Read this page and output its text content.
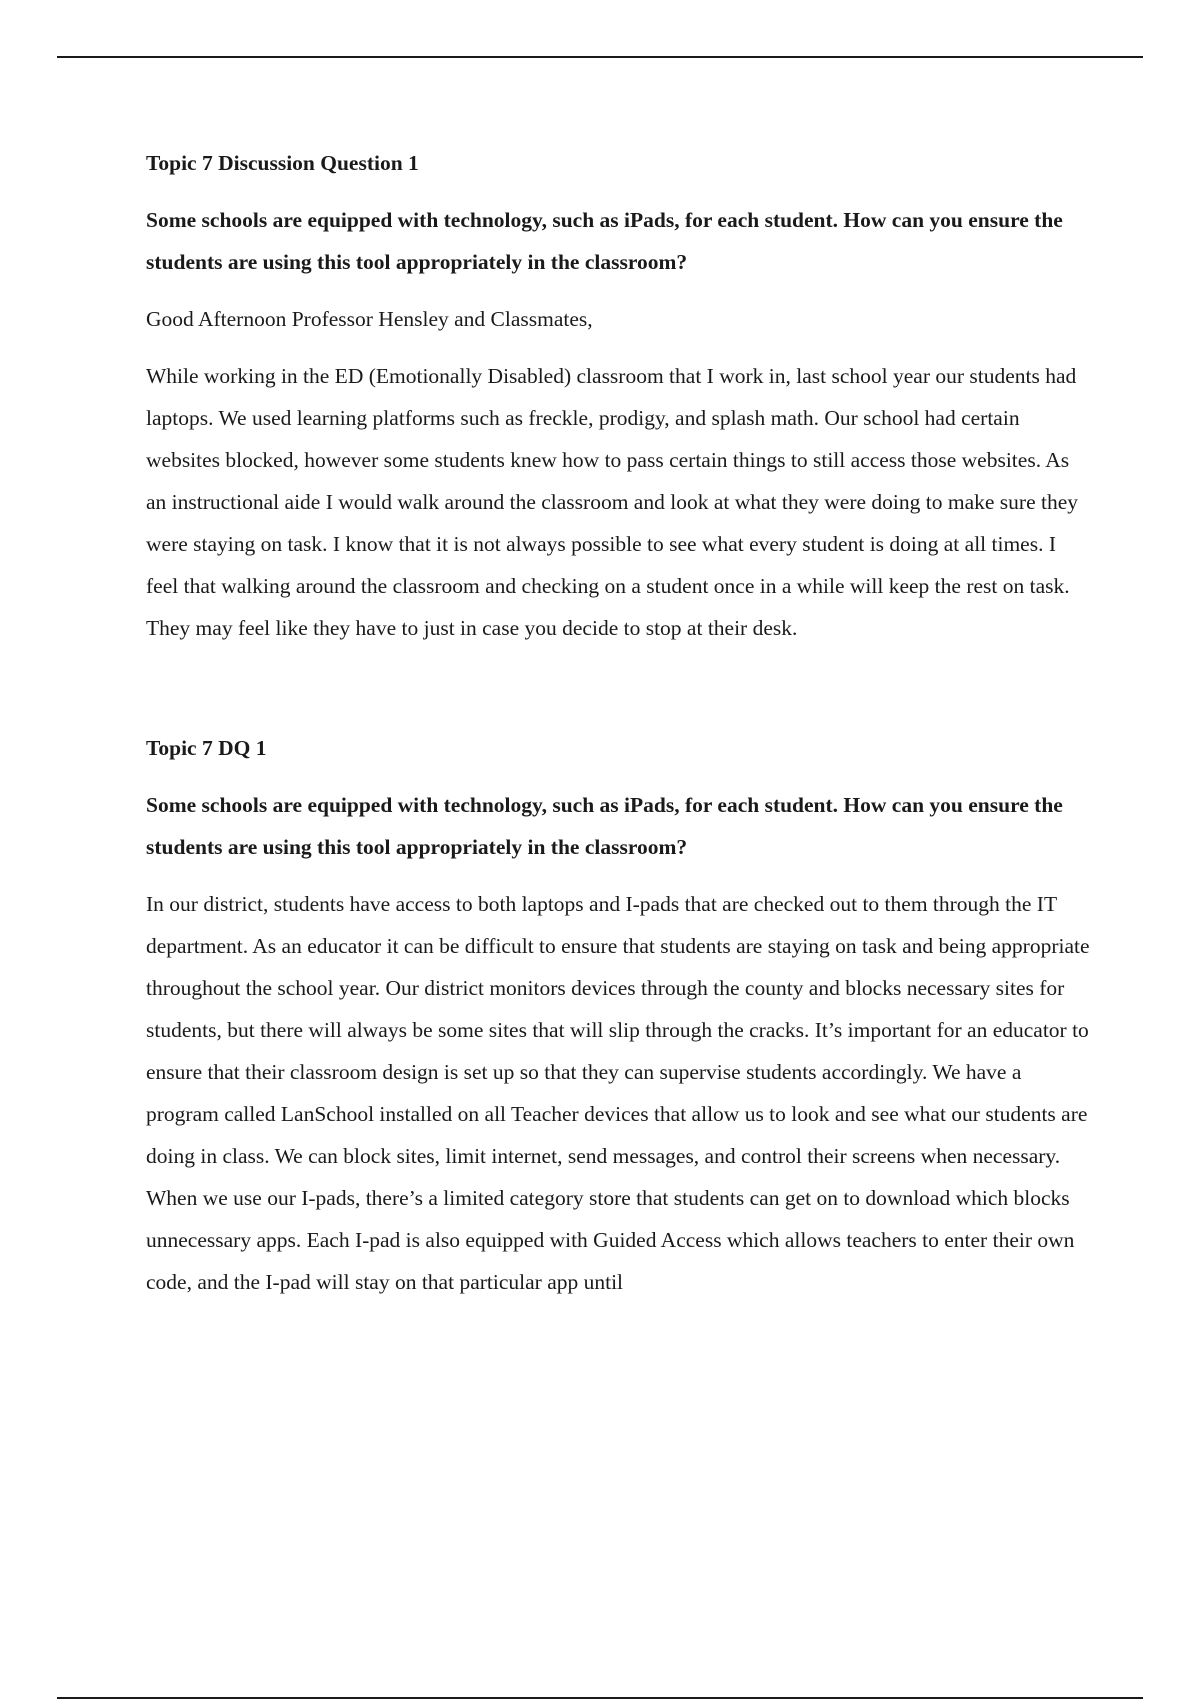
Topic 7 Discussion Question 1
Some schools are equipped with technology, such as iPads, for each student. How can you ensure the students are using this tool appropriately in the classroom?
Good Afternoon Professor Hensley and Classmates,
While working in the ED (Emotionally Disabled) classroom that I work in, last school year our students had laptops. We used learning platforms such as freckle, prodigy, and splash math. Our school had certain websites blocked, however some students knew how to pass certain things to still access those websites. As an instructional aide I would walk around the classroom and look at what they were doing to make sure they were staying on task. I know that it is not always possible to see what every student is doing at all times. I feel that walking around the classroom and checking on a student once in a while will keep the rest on task. They may feel like they have to just in case you decide to stop at their desk.
Topic 7 DQ 1
Some schools are equipped with technology, such as iPads, for each student. How can you ensure the students are using this tool appropriately in the classroom?
In our district, students have access to both laptops and I-pads that are checked out to them through the IT department. As an educator it can be difficult to ensure that students are staying on task and being appropriate throughout the school year. Our district monitors devices through the county and blocks necessary sites for students, but there will always be some sites that will slip through the cracks. It’s important for an educator to ensure that their classroom design is set up so that they can supervise students accordingly. We have a program called LanSchool installed on all Teacher devices that allow us to look and see what our students are doing in class. We can block sites, limit internet, send messages, and control their screens when necessary. When we use our I-pads, there’s a limited category store that students can get on to download which blocks unnecessary apps. Each I-pad is also equipped with Guided Access which allows teachers to enter their own code, and the I-pad will stay on that particular app until
